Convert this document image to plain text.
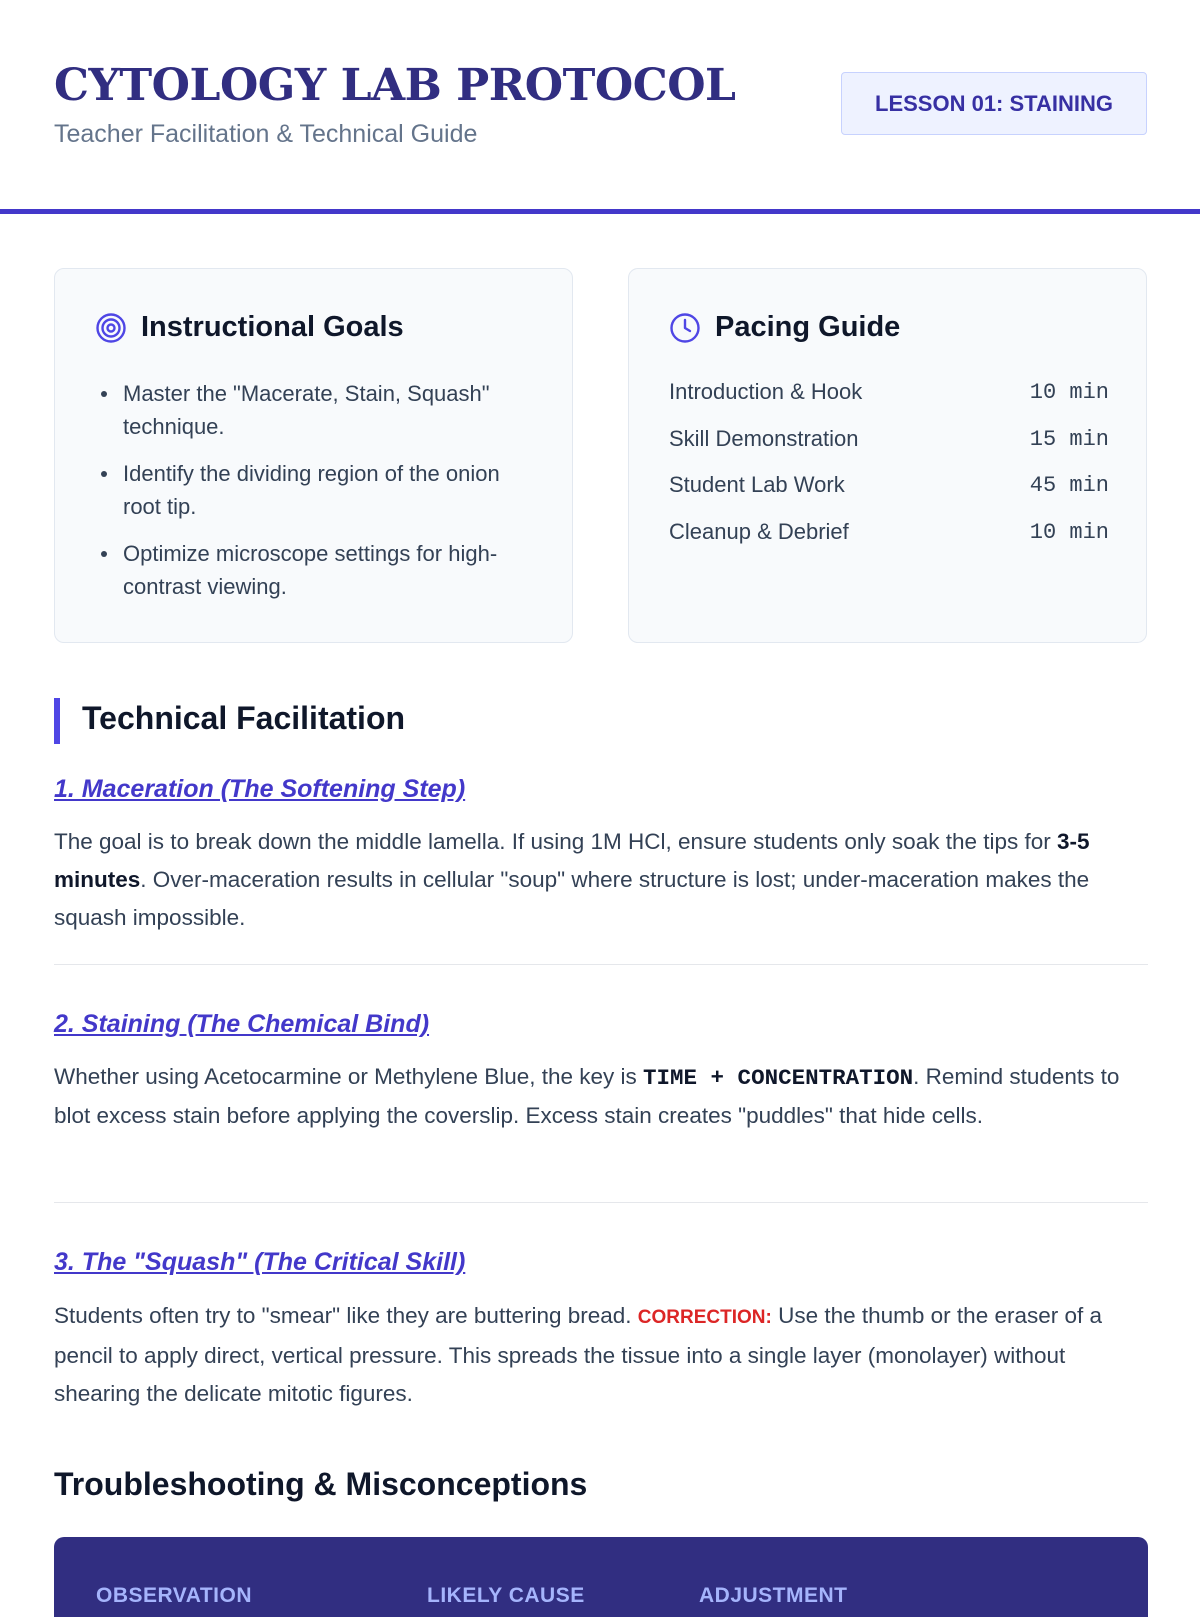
CYTOLOGY LAB PROTOCOL
Teacher Facilitation & Technical Guide
LESSON 01: STAINING
Instructional Goals
Master the "Macerate, Stain, Squash" technique.
Identify the dividing region of the onion root tip.
Optimize microscope settings for high-contrast viewing.
Pacing Guide
Introduction & Hook	10 min
Skill Demonstration	15 min
Student Lab Work	45 min
Cleanup & Debrief	10 min
Technical Facilitation
1. Maceration (The Softening Step)

The goal is to break down the middle lamella. If using 1M HCl, ensure students only soak the tips for 3-5 minutes. Over-maceration results in cellular "soup" where structure is lost; under-maceration makes the squash impossible.

2. Staining (The Chemical Bind)

Whether using Acetocarmine or Methylene Blue, the key is TIME + CONCENTRATION. Remind students to blot excess stain before applying the coverslip. Excess stain creates "puddles" that hide cells.

3. The "Squash" (The Critical Skill)

Students often try to "smear" like they are buttering bread. CORRECTION: Use the thumb or the eraser of a pencil to apply direct, vertical pressure. This spreads the tissue into a single layer (monolayer) without shearing the delicate mitotic figures.

Troubleshooting & Misconceptions
OBSERVATION	LIKELY CAUSE	ADJUSTMENT
